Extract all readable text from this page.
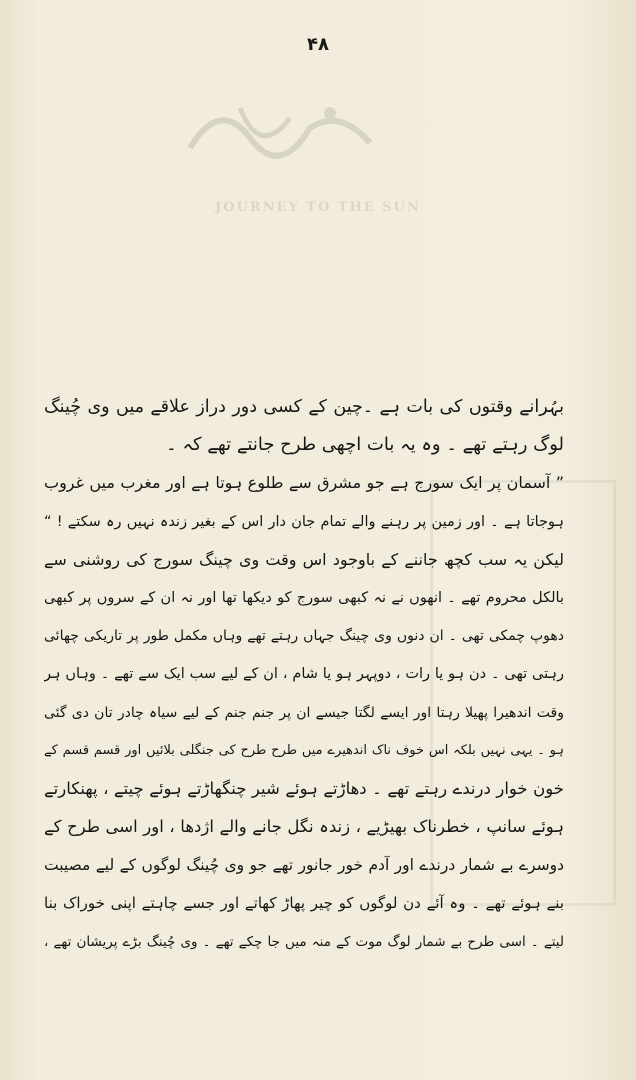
۴۸
JOURNEY TO THE SUN
بہُرانے وقتوں کی بات ہے ۔چین کے کسی دور دراز علاقے میں وی چُینگ
لوگ رہتے تھے ۔ وہ یہ بات اچھی طرح جانتے تھے کہ ۔
” آسمان پر ایک سورج ہے جو مشرق سے طلوع ہوتا ہے اور مغرب میں غروب
ہوجاتا ہے ۔ اور زمین پر رہنے والے تمام جان دار اس کے بغیر زندہ نہیں رہ سکتے ! “
لیکن یہ سب کچھ جاننے کے باوجود اس وقت وی چینگ سورج کی روشنی سے
بالکل محروم تھے ۔ انھوں نے نہ کبھی سورج کو دیکھا تھا اور نہ ان کے سروں پر کبھی
دھوپ چمکی تھی ۔ ان دنوں وی چینگ جہاں رہتے تھے وہاں مکمل طور پر تاریکی چھائی
رہتی تھی ۔ دن ہو یا رات ، دوپہر ہو یا شام ، ان کے لیے سب ایک سے تھے ۔ وہاں ہر
وقت اندھیرا پھیلا رہتا اور ایسے لگتا جیسے ان پر جنم جنم کے لیے سیاہ چادر تان دی گئی
ہو ۔ یہی نہیں بلکہ اس خوف ناک اندھیرے میں طرح طرح کی جنگلی بلائیں اور قسم قسم کے
خون خوار درندے رہتے تھے ۔ دھاڑتے ہوئے شیر چنگھاڑتے ہوئے چیتے ، پھنکارتے
ہوئے سانپ ، خطرناک بھیڑیے ، زندہ نگل جانے والے اژدھا ، اور اسی طرح کے
دوسرے بے شمار درندے اور آدم خور جانور تھے جو وی چُینگ لوگوں کے لیے مصیبت
بنے ہوئے تھے ۔ وہ آئے دن لوگوں کو چیر پھاڑ کھاتے اور جسے چاہتے اپنی خوراک بنا
لیتے ۔ اسی طرح بے شمار لوگ موت کے منہ میں جا چکے تھے ۔ وی چُینگ بڑے پریشان تھے ،
